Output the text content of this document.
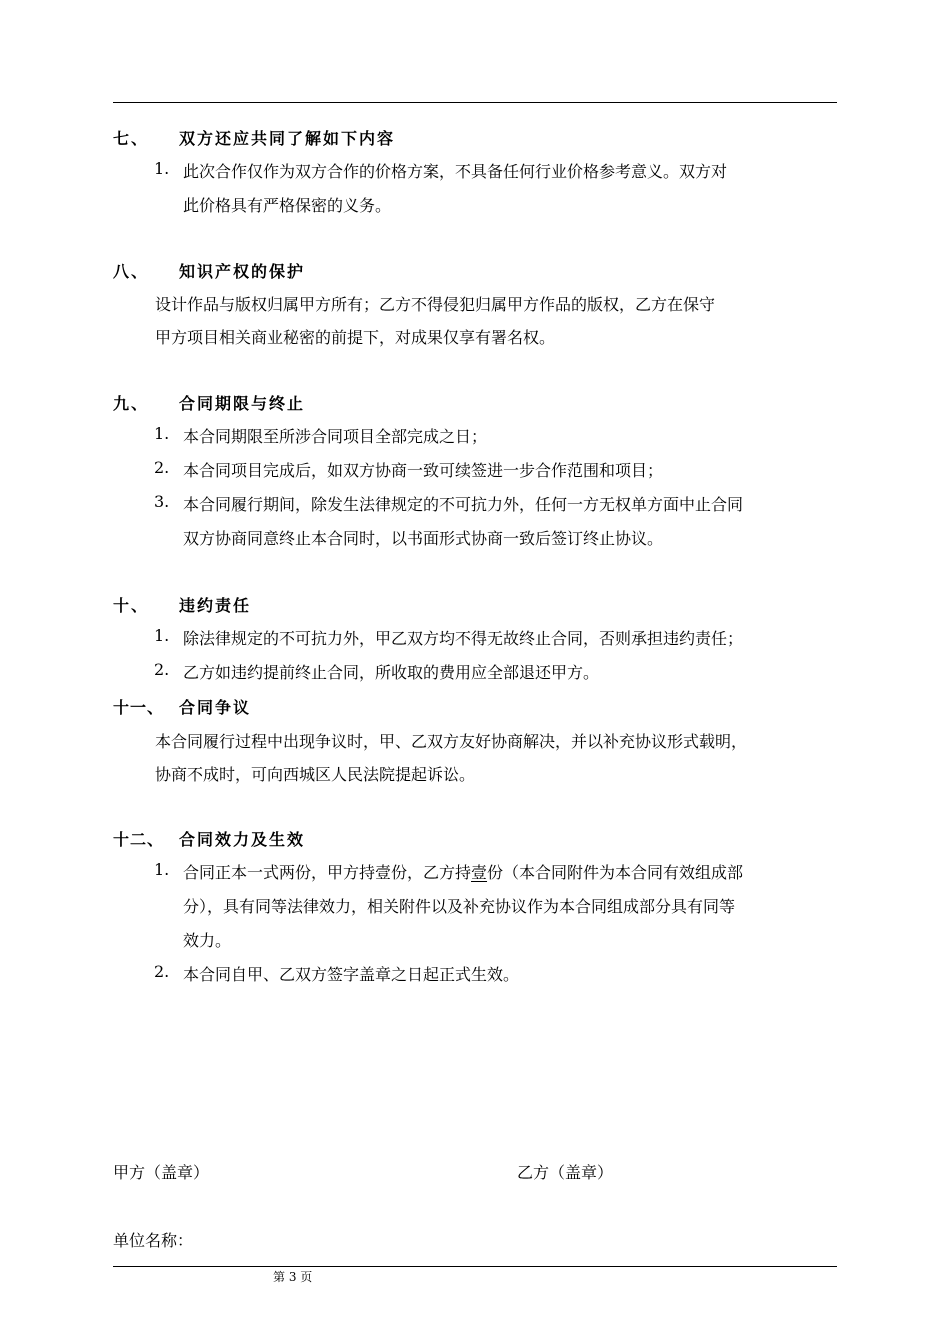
七、 双方还应共同了解如下内容
1. 此次合作仅作为双方合作的价格方案，不具备任何行业价格参考意义。双方对
此价格具有严格保密的义务。
八、 知识产权的保护
设计作品与版权归属甲方所有；乙方不得侵犯归属甲方作品的版权，乙方在保守
甲方项目相关商业秘密的前提下，对成果仅享有署名权。
九、 合同期限与终止
1. 本合同期限至所涉合同项目全部完成之日；
2. 本合同项目完成后，如双方协商一致可续签进一步合作范围和项目；
3. 本合同履行期间，除发生法律规定的不可抗力外，任何一方无权单方面中止合同
双方协商同意终止本合同时，以书面形式协商一致后签订终止协议。
十、 违约责任
1. 除法律规定的不可抗力外，甲乙双方均不得无故终止合同，否则承担违约责任；
2. 乙方如违约提前终止合同，所收取的费用应全部退还甲方。
十一、 合同争议
本合同履行过程中出现争议时，甲、乙双方友好协商解决，并以补充协议形式载明，
协商不成时，可向西城区人民法院提起诉讼。
十二、 合同效力及生效
1. 合同正本一式两份，甲方持壹份，乙方持壹份（本合同附件为本合同有效组成部
分），具有同等法律效力，相关附件以及补充协议作为本合同组成部分具有同等
效力。
2. 本合同自甲、乙双方签字盖章之日起正式生效。
甲方（盖章）	乙方（盖章）
单位名称：
第 3 页
